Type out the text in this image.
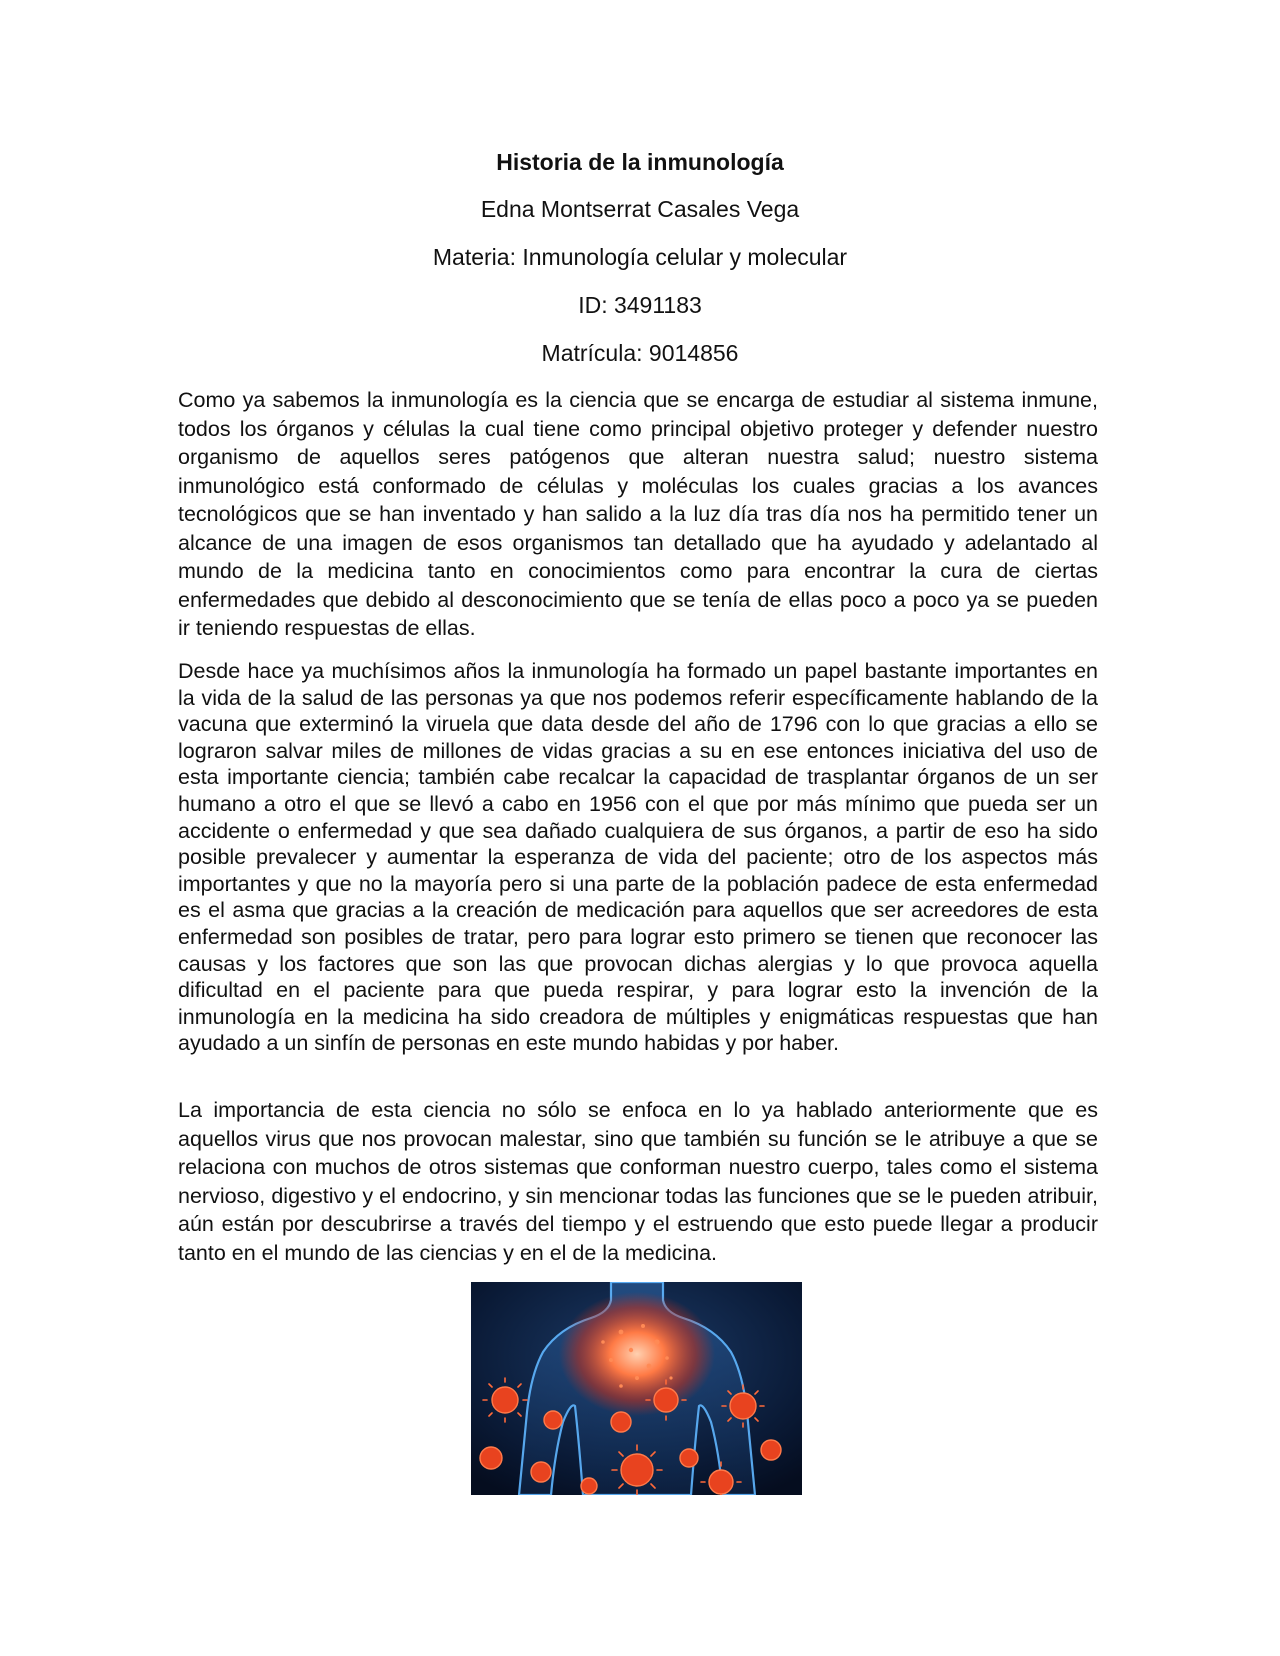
Historia de la inmunología
Edna Montserrat Casales Vega
Materia: Inmunología celular y molecular
ID: 3491183
Matrícula: 9014856

Como ya sabemos la inmunología es la ciencia que se encarga de estudiar al sistema inmune, todos los órganos y células la cual tiene como principal objetivo proteger y defender nuestro organismo de aquellos seres patógenos que alteran nuestra salud; nuestro sistema inmunológico está conformado de células y moléculas los cuales gracias a los avances tecnológicos que se han inventado y han salido a la luz día tras día nos ha permitido tener un alcance de una imagen de esos organismos tan detallado que ha ayudado y adelantado al mundo de la medicina tanto en conocimientos como para encontrar la cura de ciertas enfermedades que debido al desconocimiento que se tenía de ellas poco a poco ya se pueden ir teniendo respuestas de ellas.

Desde hace ya muchísimos años la inmunología ha formado un papel bastante importantes en la vida de la salud de las personas ya que nos podemos referir específicamente hablando de la vacuna que exterminó la viruela que data desde del año de 1796 con lo que gracias a ello se lograron salvar miles de millones de vidas gracias a su en ese entonces iniciativa del uso de esta importante ciencia; también cabe recalcar la capacidad de trasplantar órganos de un ser humano a otro el que se llevó a cabo en 1956 con el que por más mínimo que pueda ser un accidente o enfermedad y que sea dañado cualquiera de sus órganos, a partir de eso ha sido posible prevalecer y aumentar la esperanza de vida del paciente; otro de los aspectos más importantes y que no la mayoría pero si una parte de la población padece de esta enfermedad es el asma que gracias a la creación de medicación para aquellos que ser acreedores de esta enfermedad son posibles de tratar, pero para lograr esto primero se tienen que reconocer las causas y los factores que son las que provocan dichas alergias y lo que provoca aquella dificultad en el paciente para que pueda respirar, y para lograr esto la invención de la inmunología en la medicina ha sido creadora de múltiples y enigmáticas respuestas que han ayudado a un sinfín de personas en este mundo habidas y por haber.

La importancia de esta ciencia no sólo se enfoca en lo ya hablado anteriormente que es aquellos virus que nos provocan malestar, sino que también su función se le atribuye a que se relaciona con muchos de otros sistemas que conforman nuestro cuerpo, tales como el sistema nervioso, digestivo y el endocrino, y sin mencionar todas las funciones que se le pueden atribuir, aún están por descubrirse a través del tiempo y el estruendo que esto puede llegar a producir tanto en el mundo de las ciencias y en el de la medicina.
